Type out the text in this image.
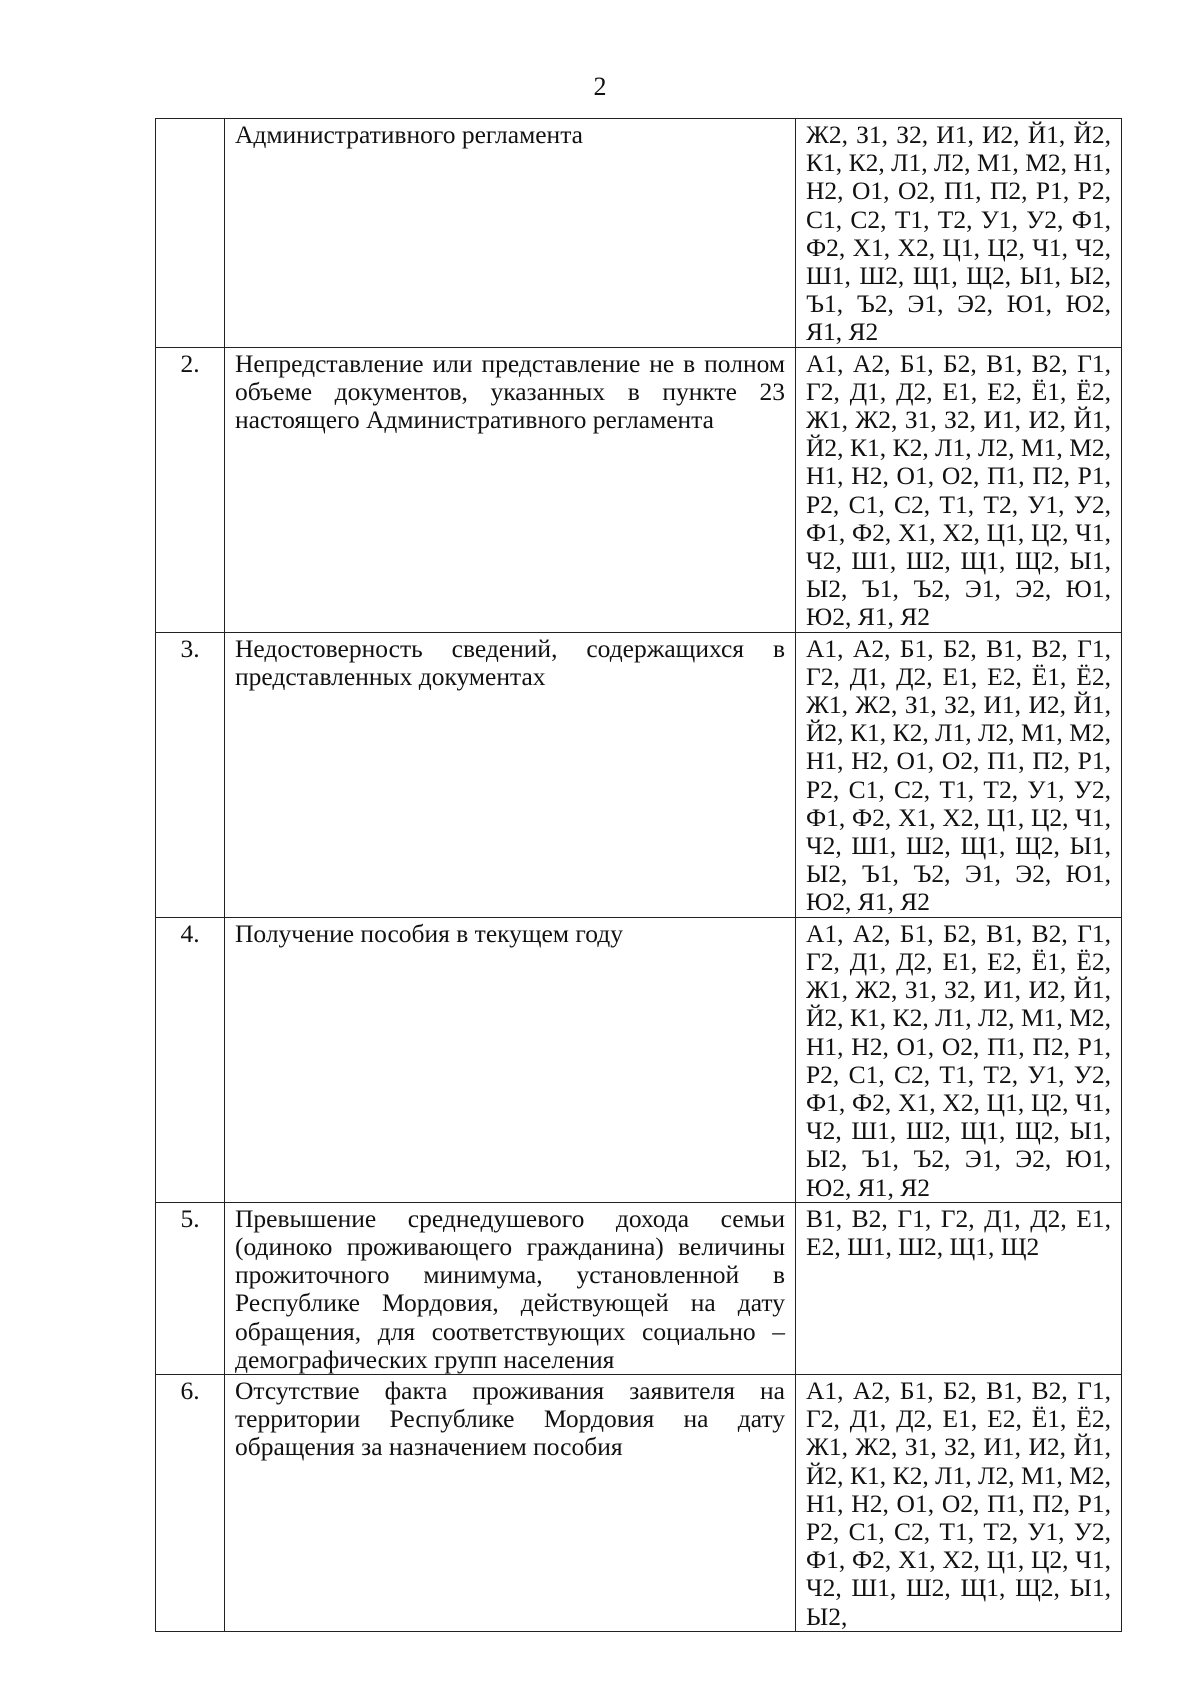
2
	Административного регламента	Ж2, З1, З2, И1, И2, Й1, Й2, К1, К2, Л1, Л2, М1, М2, Н1, Н2, О1, О2, П1, П2, Р1, Р2, С1, С2, Т1, Т2, У1, У2, Ф1, Ф2, Х1, Х2, Ц1, Ц2, Ч1, Ч2, Ш1, Ш2, Щ1, Щ2, Ы1, Ы2, Ъ1, Ъ2, Э1, Э2, Ю1, Ю2, Я1, Я2
2.	Непредставление или представление не в полном объеме документов, указанных в пункте 23 настоящего Административного регламента	А1, А2, Б1, Б2, В1, В2, Г1, Г2, Д1, Д2, Е1, Е2, Ё1, Ё2, Ж1, Ж2, З1, З2, И1, И2, Й1, Й2, К1, К2, Л1, Л2, М1, М2, Н1, Н2, О1, О2, П1, П2, Р1, Р2, С1, С2, Т1, Т2, У1, У2, Ф1, Ф2, Х1, Х2, Ц1, Ц2, Ч1, Ч2, Ш1, Ш2, Щ1, Щ2, Ы1, Ы2, Ъ1, Ъ2, Э1, Э2, Ю1, Ю2, Я1, Я2
3.	Недостоверность сведений, содержащихся в представленных документах	А1, А2, Б1, Б2, В1, В2, Г1, Г2, Д1, Д2, Е1, Е2, Ё1, Ё2, Ж1, Ж2, З1, З2, И1, И2, Й1, Й2, К1, К2, Л1, Л2, М1, М2, Н1, Н2, О1, О2, П1, П2, Р1, Р2, С1, С2, Т1, Т2, У1, У2, Ф1, Ф2, Х1, Х2, Ц1, Ц2, Ч1, Ч2, Ш1, Ш2, Щ1, Щ2, Ы1, Ы2, Ъ1, Ъ2, Э1, Э2, Ю1, Ю2, Я1, Я2
4.	Получение пособия в текущем году	А1, А2, Б1, Б2, В1, В2, Г1, Г2, Д1, Д2, Е1, Е2, Ё1, Ё2, Ж1, Ж2, З1, З2, И1, И2, Й1, Й2, К1, К2, Л1, Л2, М1, М2, Н1, Н2, О1, О2, П1, П2, Р1, Р2, С1, С2, Т1, Т2, У1, У2, Ф1, Ф2, Х1, Х2, Ц1, Ц2, Ч1, Ч2, Ш1, Ш2, Щ1, Щ2, Ы1, Ы2, Ъ1, Ъ2, Э1, Э2, Ю1, Ю2, Я1, Я2
5.	Превышение среднедушевого дохода семьи (одиноко проживающего гражданина) величины прожиточного минимума, установленной в Республике Мордовия, действующей на дату обращения, для соответствующих социально – демографических групп населения	В1, В2, Г1, Г2, Д1, Д2, Е1, Е2, Ш1, Ш2, Щ1, Щ2
6.	Отсутствие факта проживания заявителя на территории Республике Мордовия на дату обращения за назначением пособия	А1, А2, Б1, Б2, В1, В2, Г1, Г2, Д1, Д2, Е1, Е2, Ё1, Ё2, Ж1, Ж2, З1, З2, И1, И2, Й1, Й2, К1, К2, Л1, Л2, М1, М2, Н1, Н2, О1, О2, П1, П2, Р1, Р2, С1, С2, Т1, Т2, У1, У2, Ф1, Ф2, Х1, Х2, Ц1, Ц2, Ч1, Ч2, Ш1, Ш2, Щ1, Щ2, Ы1, Ы2,
